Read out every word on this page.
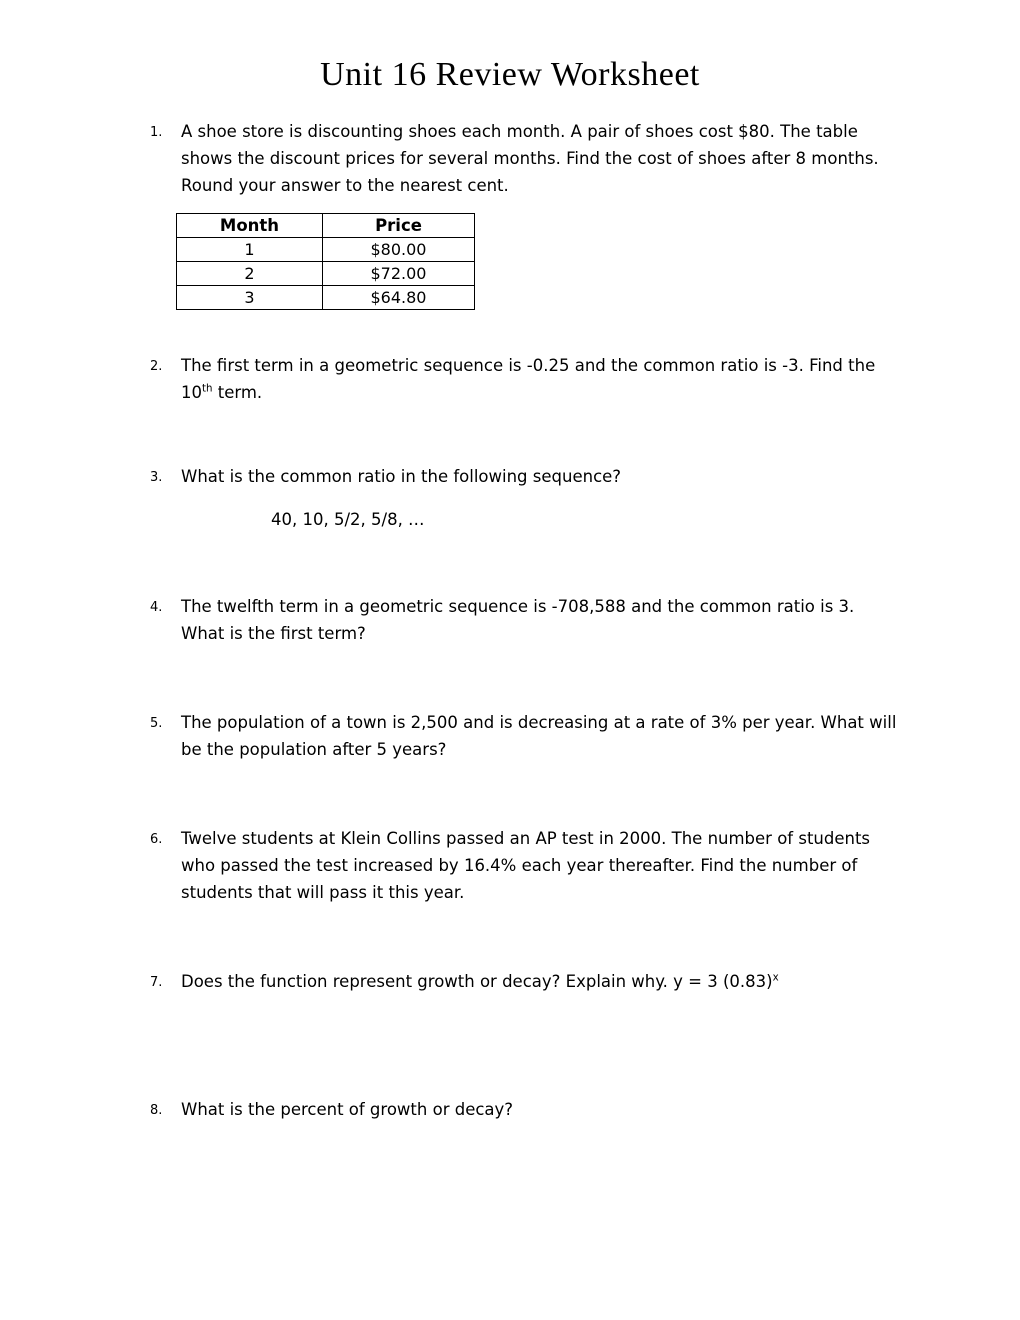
Unit 16 Review Worksheet
1.	A shoe store is discounting shoes each month. A pair of shoes cost $80. The table shows the discount prices for several months. Find the cost of shoes after 8 months. Round your answer to the nearest cent.
Month	Price
1	$80.00
2	$72.00
3	$64.80
2.	The first term in a geometric sequence is -0.25 and the common ratio is -3. Find the 10th term.
3.	What is the common ratio in the following sequence?
40, 10, 5/2, 5/8, …
4.	The twelfth term in a geometric sequence is -708,588 and the common ratio is 3. What is the first term?
5.	The population of a town is 2,500 and is decreasing at a rate of 3% per year. What will be the population after 5 years?
6.	Twelve students at Klein Collins passed an AP test in 2000. The number of students who passed the test increased by 16.4% each year thereafter. Find the number of students that will pass it this year.
7.	Does the function represent growth or decay? Explain why. y = 3 $(0.83)^x$
8.	What is the percent of growth or decay?
